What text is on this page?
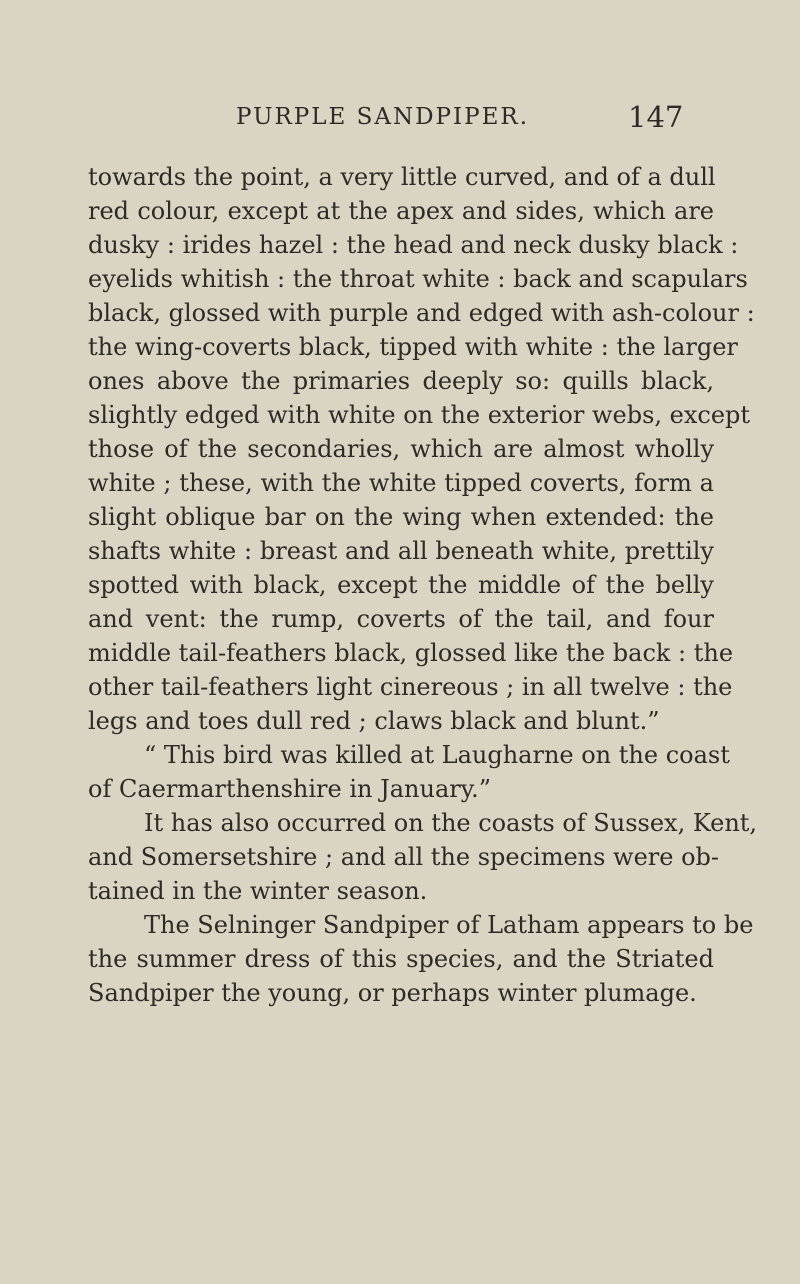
PURPLE SANDPIPER.	147
towards the point, a very little curved, and of a dull
red colour, except at the apex and sides, which are
dusky : irides hazel : the head and neck dusky black :
eyelids whitish : the throat white : back and scapulars
black, glossed with purple and edged with ash-colour :
the wing-coverts black, tipped with white : the larger
ones above the primaries deeply so: quills black,
slightly edged with white on the exterior webs, except
those of the secondaries, which are almost wholly
white ; these, with the white tipped coverts, form a
slight oblique bar on the wing when extended: the
shafts white : breast and all beneath white, prettily
spotted with black, except the middle of the belly
and vent: the rump, coverts of the tail, and four
middle tail-feathers black, glossed like the back : the
other tail-feathers light cinereous ; in all twelve : the
legs and toes dull red ; claws black and blunt.”
“ This bird was killed at Laugharne on the coast
of Caermarthenshire in January.”
It has also occurred on the coasts of Sussex, Kent,
and Somersetshire ; and all the specimens were ob-
tained in the winter season.
The Selninger Sandpiper of Latham appears to be
the summer dress of this species, and the Striated
Sandpiper the young, or perhaps winter plumage.
